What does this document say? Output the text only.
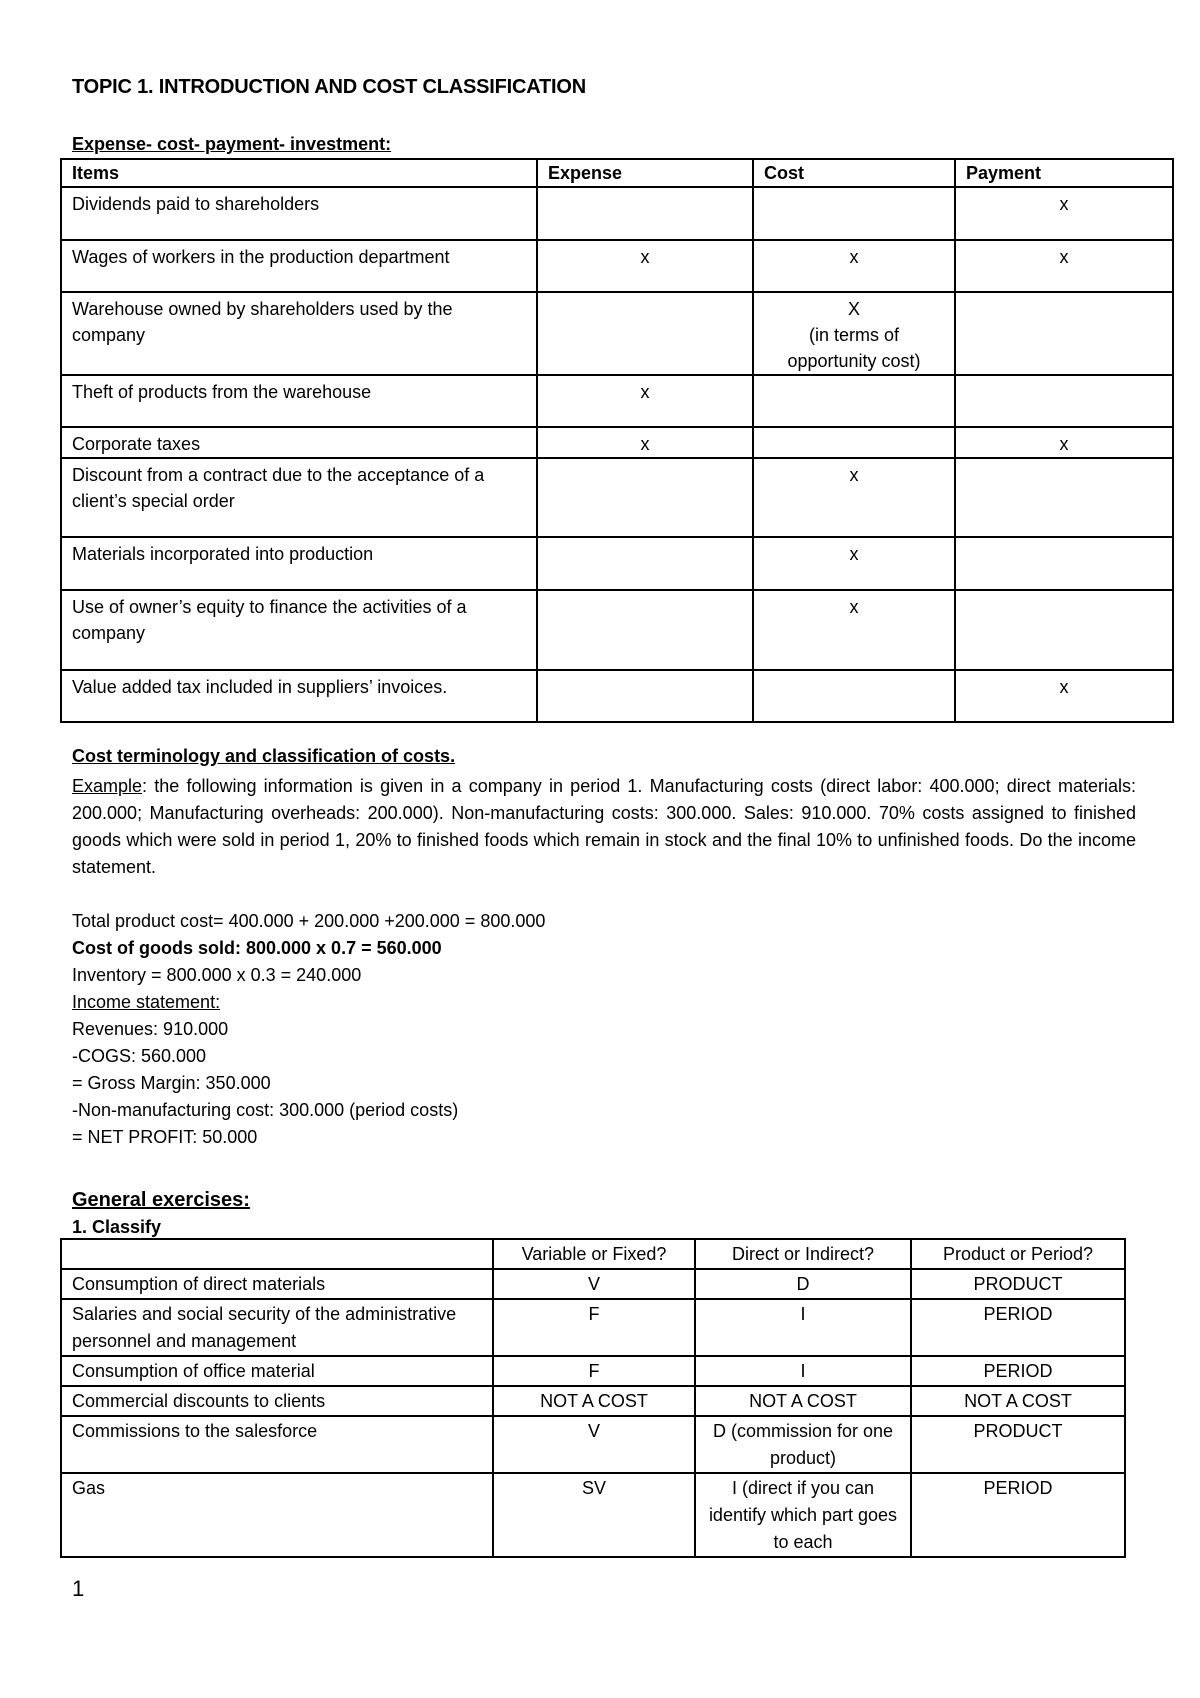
TOPIC 1. INTRODUCTION AND COST CLASSIFICATION
Expense- cost- payment- investment:
Items	Expense	Cost	Payment
Dividends paid to shareholders			x
Wages of workers in the production department	x	x	x
Warehouse owned by shareholders used by the company		X
(in terms of
opportunity cost)	
Theft of products from the warehouse	x		
Corporate taxes	x		x
Discount from a contract due to the acceptance of a client’s special order		x	
Materials incorporated into production		x	
Use of owner’s equity to finance the activities of a company		x	
Value added tax included in suppliers’ invoices.			x
Cost terminology and classification of costs.
Example: the following information is given in a company in period 1. Manufacturing costs (direct labor: 400.000; direct materials: 200.000; Manufacturing overheads: 200.000). Non-manufacturing costs: 300.000. Sales: 910.000. 70% costs assigned to finished goods which were sold in period 1, 20% to finished foods which remain in stock and the final 10% to unfinished foods. Do the income statement.
Total product cost= 400.000 + 200.000 +200.000 = 800.000
Cost of goods sold: 800.000 x 0.7 = 560.000
Inventory = 800.000 x 0.3 = 240.000
Income statement:
Revenues: 910.000
-COGS: 560.000
= Gross Margin: 350.000
-Non-manufacturing cost: 300.000 (period costs)
= NET PROFIT: 50.000
General exercises:
1. Classify
	Variable or Fixed?	Direct or Indirect?	Product or Period?
Consumption of direct materials	V	D	PRODUCT
Salaries and social security of the administrative personnel and management	F	I	PERIOD
Consumption of office material	F	I	PERIOD
Commercial discounts to clients	NOT A COST	NOT A COST	NOT A COST
Commissions to the salesforce	V	D (commission for one product)	PRODUCT
Gas	SV	I (direct if you can identify which part goes to each	PERIOD
1
